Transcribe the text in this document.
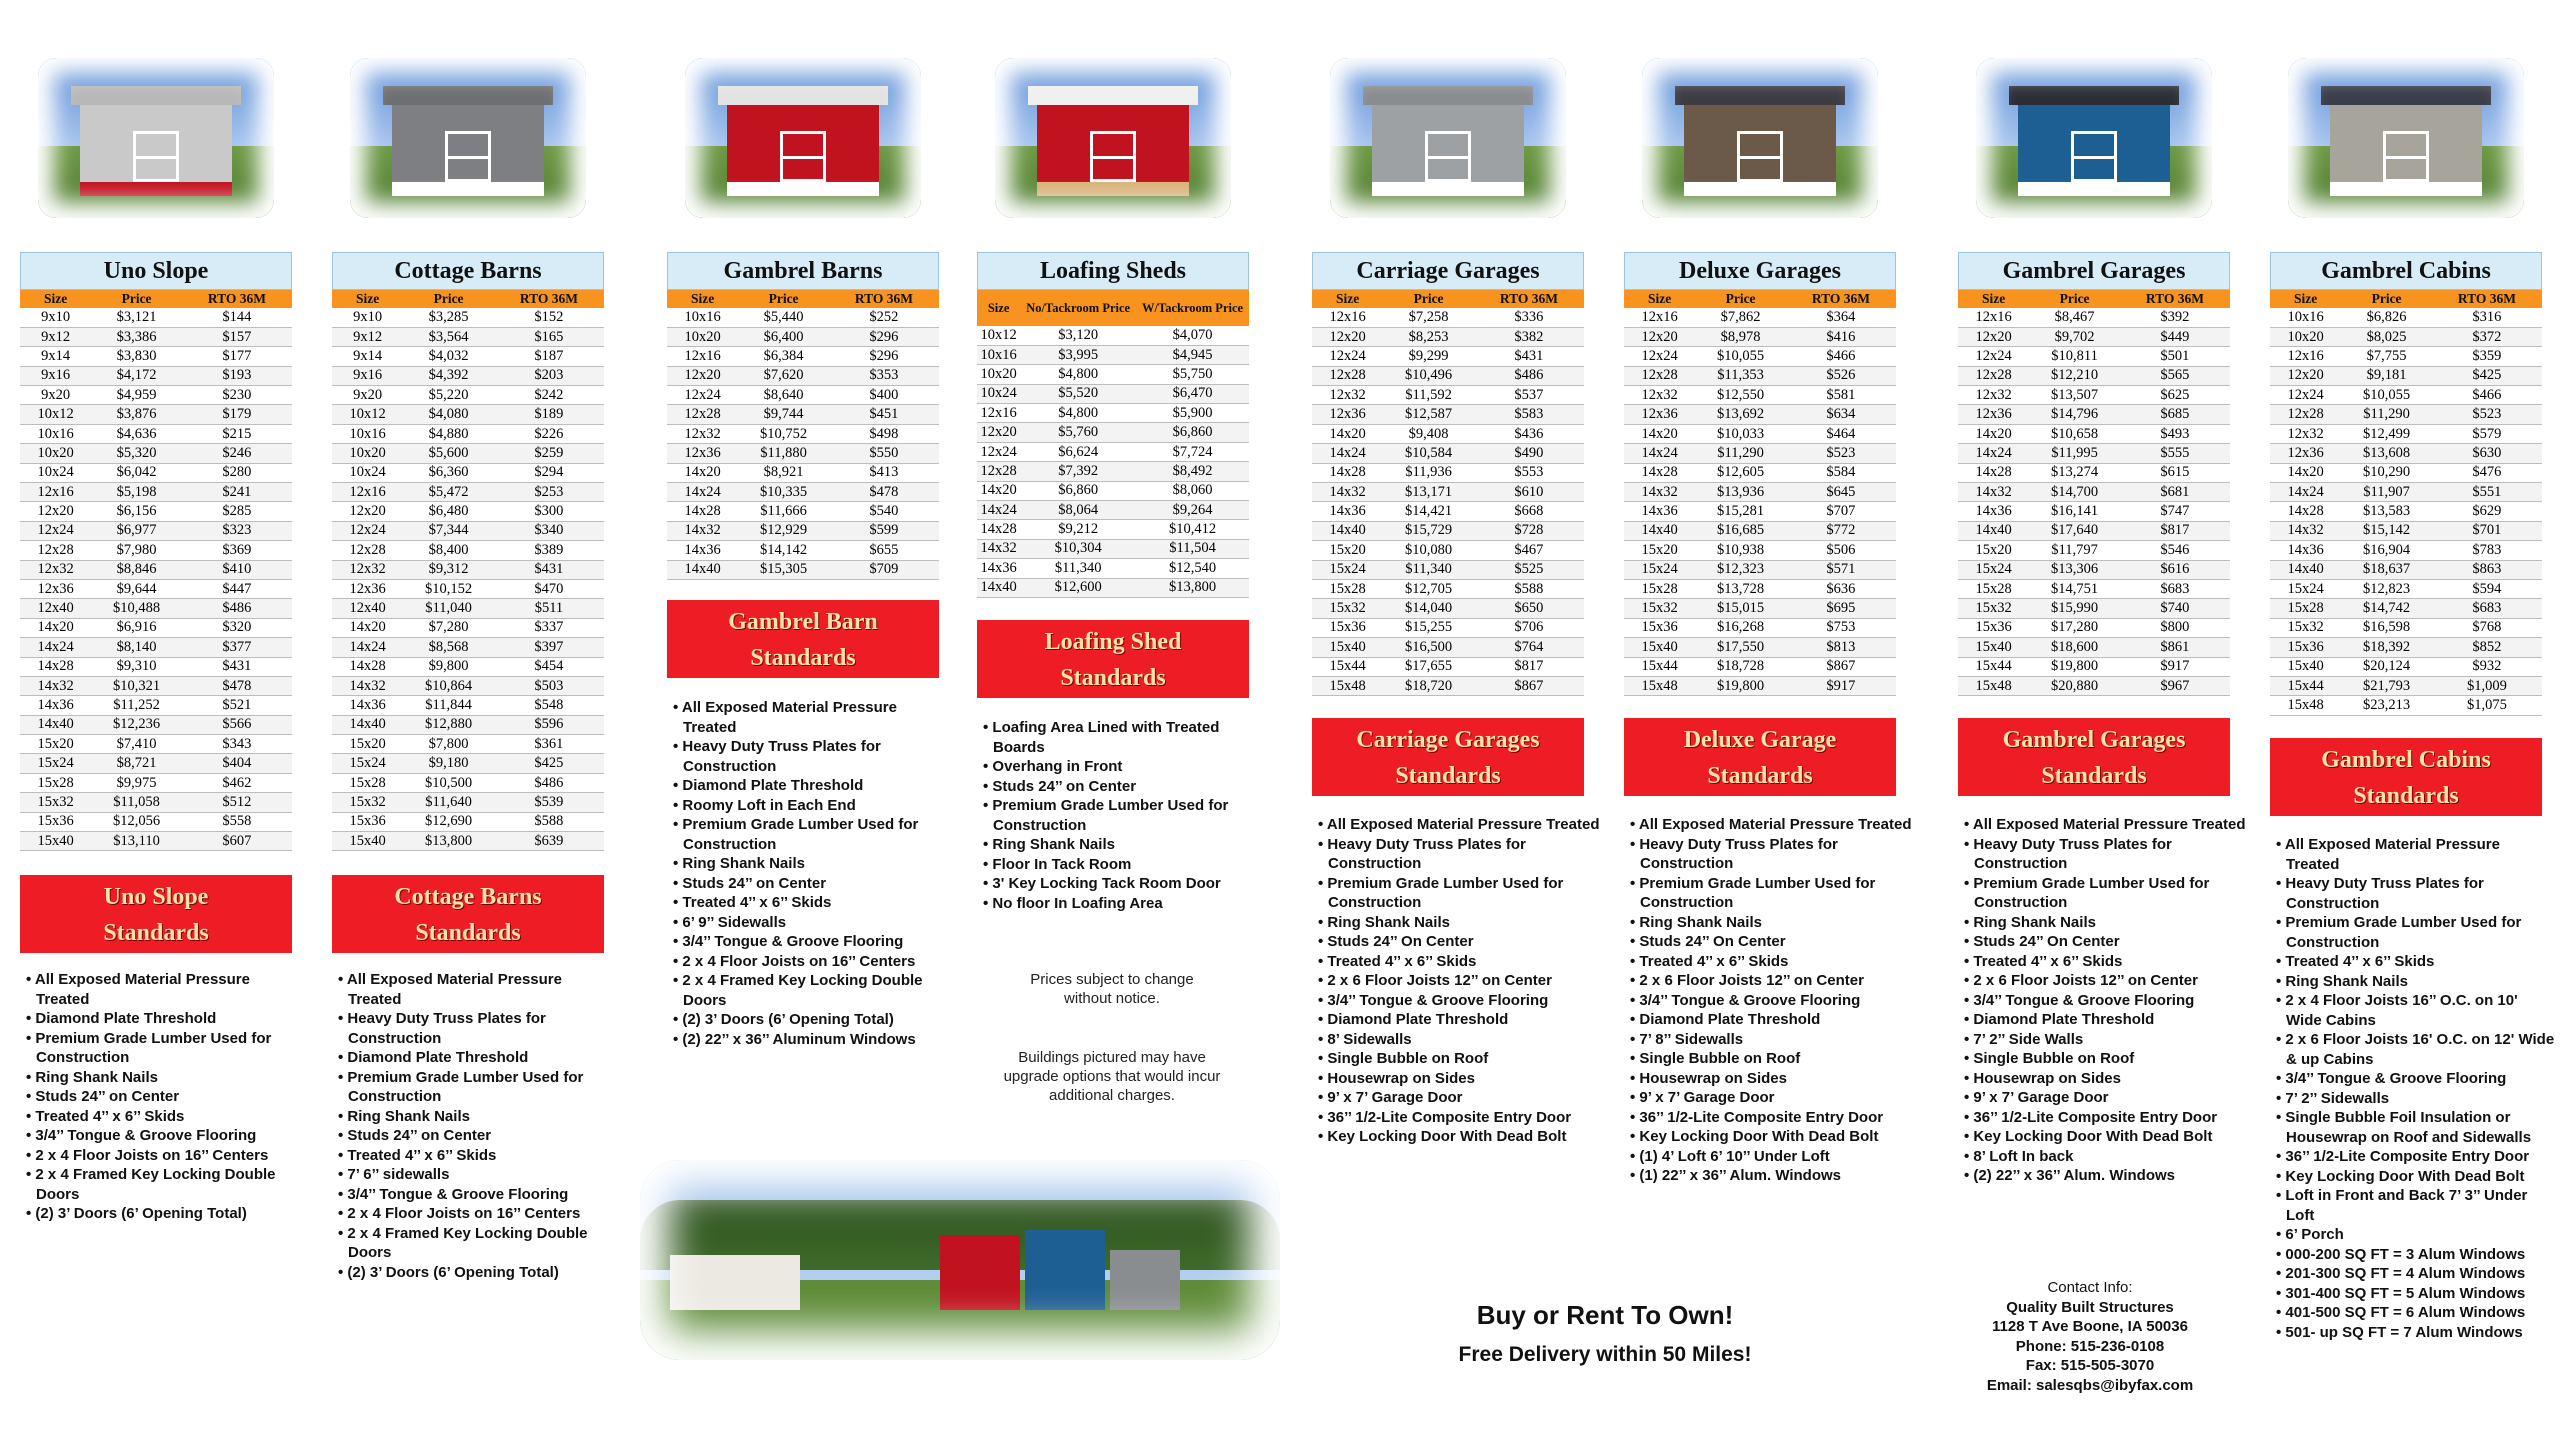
Uno Slope
Size	Price	RTO 36M
9x10	$3,121	$144
9x12	$3,386	$157
9x14	$3,830	$177
9x16	$4,172	$193
9x20	$4,959	$230
10x12	$3,876	$179
10x16	$4,636	$215
10x20	$5,320	$246
10x24	$6,042	$280
12x16	$5,198	$241
12x20	$6,156	$285
12x24	$6,977	$323
12x28	$7,980	$369
12x32	$8,846	$410
12x36	$9,644	$447
12x40	$10,488	$486
14x20	$6,916	$320
14x24	$8,140	$377
14x28	$9,310	$431
14x32	$10,321	$478
14x36	$11,252	$521
14x40	$12,236	$566
15x20	$7,410	$343
15x24	$8,721	$404
15x28	$9,975	$462
15x32	$11,058	$512
15x36	$12,056	$558
15x40	$13,110	$607
Uno Slope
Standards
• All Exposed Material Pressure Treated
• Diamond Plate Threshold
• Premium Grade Lumber Used for Construction
• Ring Shank Nails
• Studs 24’’ on Center
• Treated 4’’ x 6’’ Skids
• 3/4’’ Tongue & Groove Flooring
• 2 x 4 Floor Joists on 16’’ Centers
• 2 x 4 Framed Key Locking Double Doors
• (2) 3’ Doors (6’ Opening Total)
Cottage Barns
Size	Price	RTO 36M
9x10	$3,285	$152
9x12	$3,564	$165
9x14	$4,032	$187
9x16	$4,392	$203
9x20	$5,220	$242
10x12	$4,080	$189
10x16	$4,880	$226
10x20	$5,600	$259
10x24	$6,360	$294
12x16	$5,472	$253
12x20	$6,480	$300
12x24	$7,344	$340
12x28	$8,400	$389
12x32	$9,312	$431
12x36	$10,152	$470
12x40	$11,040	$511
14x20	$7,280	$337
14x24	$8,568	$397
14x28	$9,800	$454
14x32	$10,864	$503
14x36	$11,844	$548
14x40	$12,880	$596
15x20	$7,800	$361
15x24	$9,180	$425
15x28	$10,500	$486
15x32	$11,640	$539
15x36	$12,690	$588
15x40	$13,800	$639
Cottage Barns
Standards
• All Exposed Material Pressure Treated
• Heavy Duty Truss Plates for Construction
• Diamond Plate Threshold
• Premium Grade Lumber Used for Construction
• Ring Shank Nails
• Studs 24’’ on Center
• Treated 4’’ x 6’’ Skids
• 7’ 6’’ sidewalls
• 3/4’’ Tongue & Groove Flooring
• 2 x 4 Floor Joists on 16’’ Centers
• 2 x 4 Framed Key Locking Double Doors
• (2) 3’ Doors (6’ Opening Total)
Gambrel Barns
Size	Price	RTO 36M
10x16	$5,440	$252
10x20	$6,400	$296
12x16	$6,384	$296
12x20	$7,620	$353
12x24	$8,640	$400
12x28	$9,744	$451
12x32	$10,752	$498
12x36	$11,880	$550
14x20	$8,921	$413
14x24	$10,335	$478
14x28	$11,666	$540
14x32	$12,929	$599
14x36	$14,142	$655
14x40	$15,305	$709
Gambrel Barn
Standards
• All Exposed Material Pressure Treated
• Heavy Duty Truss Plates for Construction
• Diamond Plate Threshold
• Roomy Loft in Each End
• Premium Grade Lumber Used for Construction
• Ring Shank Nails
• Studs 24’’ on Center
• Treated 4’’ x 6’’ Skids
• 6’ 9’’ Sidewalls
• 3/4’’ Tongue & Groove Flooring
• 2 x 4 Floor Joists on 16’’ Centers
• 2 x 4 Framed Key Locking Double Doors
• (2) 3’ Doors (6’ Opening Total)
• (2) 22’’ x 36’’ Aluminum Windows
Loafing Sheds
Size	No/Tackroom Price	W/Tackroom Price
10x12	$3,120	$4,070
10x16	$3,995	$4,945
10x20	$4,800	$5,750
10x24	$5,520	$6,470
12x16	$4,800	$5,900
12x20	$5,760	$6,860
12x24	$6,624	$7,724
12x28	$7,392	$8,492
14x20	$6,860	$8,060
14x24	$8,064	$9,264
14x28	$9,212	$10,412
14x32	$10,304	$11,504
14x36	$11,340	$12,540
14x40	$12,600	$13,800
Loafing Shed
Standards
• Loafing Area Lined with Treated Boards
• Overhang in Front
• Studs 24’’ on Center
• Premium Grade Lumber Used for Construction
• Ring Shank Nails
• Floor In Tack Room
• 3' Key Locking Tack Room Door
• No floor In Loafing Area
Prices subject to change without notice.
Buildings pictured may have upgrade options that would incur additional charges.
Carriage Garages
Size	Price	RTO 36M
12x16	$7,258	$336
12x20	$8,253	$382
12x24	$9,299	$431
12x28	$10,496	$486
12x32	$11,592	$537
12x36	$12,587	$583
14x20	$9,408	$436
14x24	$10,584	$490
14x28	$11,936	$553
14x32	$13,171	$610
14x36	$14,421	$668
14x40	$15,729	$728
15x20	$10,080	$467
15x24	$11,340	$525
15x28	$12,705	$588
15x32	$14,040	$650
15x36	$15,255	$706
15x40	$16,500	$764
15x44	$17,655	$817
15x48	$18,720	$867
Carriage Garages
Standards
• All Exposed Material Pressure Treated
• Heavy Duty Truss Plates for Construction
• Premium Grade Lumber Used for Construction
• Ring Shank Nails
• Studs 24’’ On Center
• Treated 4’’ x 6’’ Skids
• 2 x 6 Floor Joists 12’’ on Center
• 3/4’’ Tongue & Groove Flooring
• Diamond Plate Threshold
• 8’ Sidewalls
• Single Bubble on Roof
• Housewrap on Sides
• 9’ x 7’ Garage Door
• 36’’ 1/2-Lite Composite Entry Door
• Key Locking Door With Dead Bolt
Deluxe Garages
Size	Price	RTO 36M
12x16	$7,862	$364
12x20	$8,978	$416
12x24	$10,055	$466
12x28	$11,353	$526
12x32	$12,550	$581
12x36	$13,692	$634
14x20	$10,033	$464
14x24	$11,290	$523
14x28	$12,605	$584
14x32	$13,936	$645
14x36	$15,281	$707
14x40	$16,685	$772
15x20	$10,938	$506
15x24	$12,323	$571
15x28	$13,728	$636
15x32	$15,015	$695
15x36	$16,268	$753
15x40	$17,550	$813
15x44	$18,728	$867
15x48	$19,800	$917
Deluxe Garage
Standards
• All Exposed Material Pressure Treated
• Heavy Duty Truss Plates for Construction
• Premium Grade Lumber Used for Construction
• Ring Shank Nails
• Studs 24’’ On Center
• Treated 4’’ x 6’’ Skids
• 2 x 6 Floor Joists 12’’ on Center
• 3/4’’ Tongue & Groove Flooring
• Diamond Plate Threshold
• 7’ 8’’ Sidewalls
• Single Bubble on Roof
• Housewrap on Sides
• 9’ x 7’ Garage Door
• 36’’ 1/2-Lite Composite Entry Door
• Key Locking Door With Dead Bolt
• (1) 4’ Loft 6’ 10’’ Under Loft
• (1) 22’’ x 36’’ Alum. Windows
Gambrel Garages
Size	Price	RTO 36M
12x16	$8,467	$392
12x20	$9,702	$449
12x24	$10,811	$501
12x28	$12,210	$565
12x32	$13,507	$625
12x36	$14,796	$685
14x20	$10,658	$493
14x24	$11,995	$555
14x28	$13,274	$615
14x32	$14,700	$681
14x36	$16,141	$747
14x40	$17,640	$817
15x20	$11,797	$546
15x24	$13,306	$616
15x28	$14,751	$683
15x32	$15,990	$740
15x36	$17,280	$800
15x40	$18,600	$861
15x44	$19,800	$917
15x48	$20,880	$967
Gambrel Garages
Standards
• All Exposed Material Pressure Treated
• Heavy Duty Truss Plates for Construction
• Premium Grade Lumber Used for Construction
• Ring Shank Nails
• Studs 24’’ On Center
• Treated 4’’ x 6’’ Skids
• 2 x 6 Floor Joists 12’’ on Center
• 3/4’’ Tongue & Groove Flooring
• Diamond Plate Threshold
• 7’ 2’’ Side Walls
• Single Bubble on Roof
• Housewrap on Sides
• 9’ x 7’ Garage Door
• 36’’ 1/2-Lite Composite Entry Door
• Key Locking Door With Dead Bolt
• 8’ Loft In back
• (2) 22’’ x 36’’ Alum. Windows
Gambrel Cabins
Size	Price	RTO 36M
10x16	$6,826	$316
10x20	$8,025	$372
12x16	$7,755	$359
12x20	$9,181	$425
12x24	$10,055	$466
12x28	$11,290	$523
12x32	$12,499	$579
12x36	$13,608	$630
14x20	$10,290	$476
14x24	$11,907	$551
14x28	$13,583	$629
14x32	$15,142	$701
14x36	$16,904	$783
14x40	$18,637	$863
15x24	$12,823	$594
15x28	$14,742	$683
15x32	$16,598	$768
15x36	$18,392	$852
15x40	$20,124	$932
15x44	$21,793	$1,009
15x48	$23,213	$1,075
Gambrel Cabins
Standards
• All Exposed Material Pressure Treated
• Heavy Duty Truss Plates for Construction
• Premium Grade Lumber Used for Construction
• Treated 4’’ x 6’’ Skids
• Ring Shank Nails
• 2 x 4 Floor Joists 16’’ O.C. on 10' Wide Cabins
• 2 x 6 Floor Joists 16' O.C. on 12' Wide & up Cabins
• 3/4’’ Tongue & Groove Flooring
• 7’ 2’’ Sidewalls
• Single Bubble Foil Insulation or Housewrap on Roof and Sidewalls
• 36’’ 1/2-Lite Composite Entry Door
• Key Locking Door With Dead Bolt
• Loft in Front and Back 7’ 3’’ Under Loft
• 6’ Porch
• 000-200 SQ FT = 3 Alum Windows
• 201-300 SQ FT = 4 Alum Windows
• 301-400 SQ FT = 5 Alum Windows
• 401-500 SQ FT = 6 Alum Windows
• 501- up SQ FT = 7 Alum Windows
Buy or Rent To Own!
Free Delivery within 50 Miles!
Contact Info:
Quality Built Structures
1128 T Ave Boone, IA 50036
Phone: 515-236-0108
Fax: 515-505-3070
Email: salesqbs@ibyfax.com
